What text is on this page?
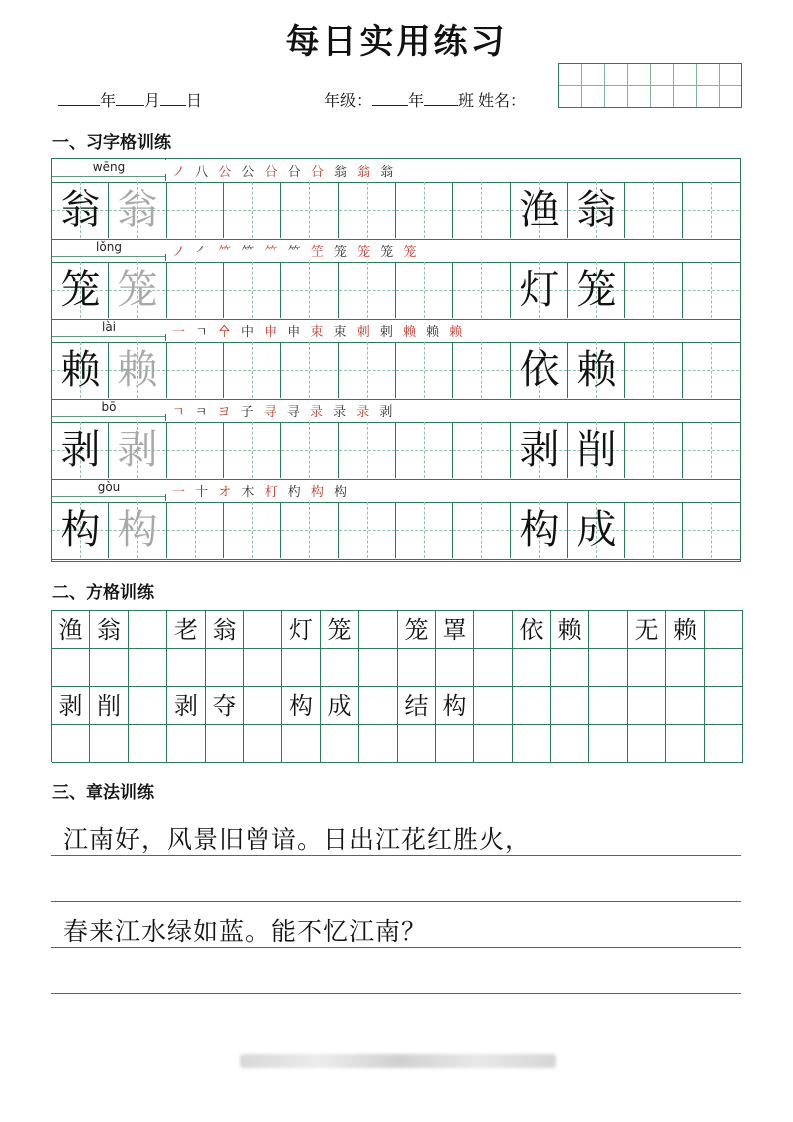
每日实用练习
年 月 日	年级： 年 班 姓名：
一、习字格训练
wēng	ノ 八 公 公 㕣 㕣 㕣 翁 翁 翁
翁 翁	渔 翁
lǒng	ノ ㇒ ⺮ ⺮ ⺮ ⺮ 笁 笼 笼 笼 笼
笼 笼	灯 笼
lài	一 ㄱ 㐃 中 申 申 束 束 刺 剌 赖 赖 赖
赖 赖	依 赖
bō	ㄱ ㅋ ヨ 子 寻 寻 录 录 录 剥
剥 剥	剥 削
gòu	一 十 オ 木 朾 杓 构 构
构 构	构 成
二、方格训练
渔 翁	老 翁	灯 笼	笼 罩	依 赖	无 赖
剥 削	剥 夺	构 成	结 构
三、章法训练
江南好，风景旧曾谙。日出江花红胜火，
春来江水绿如蓝。能不忆江南？
